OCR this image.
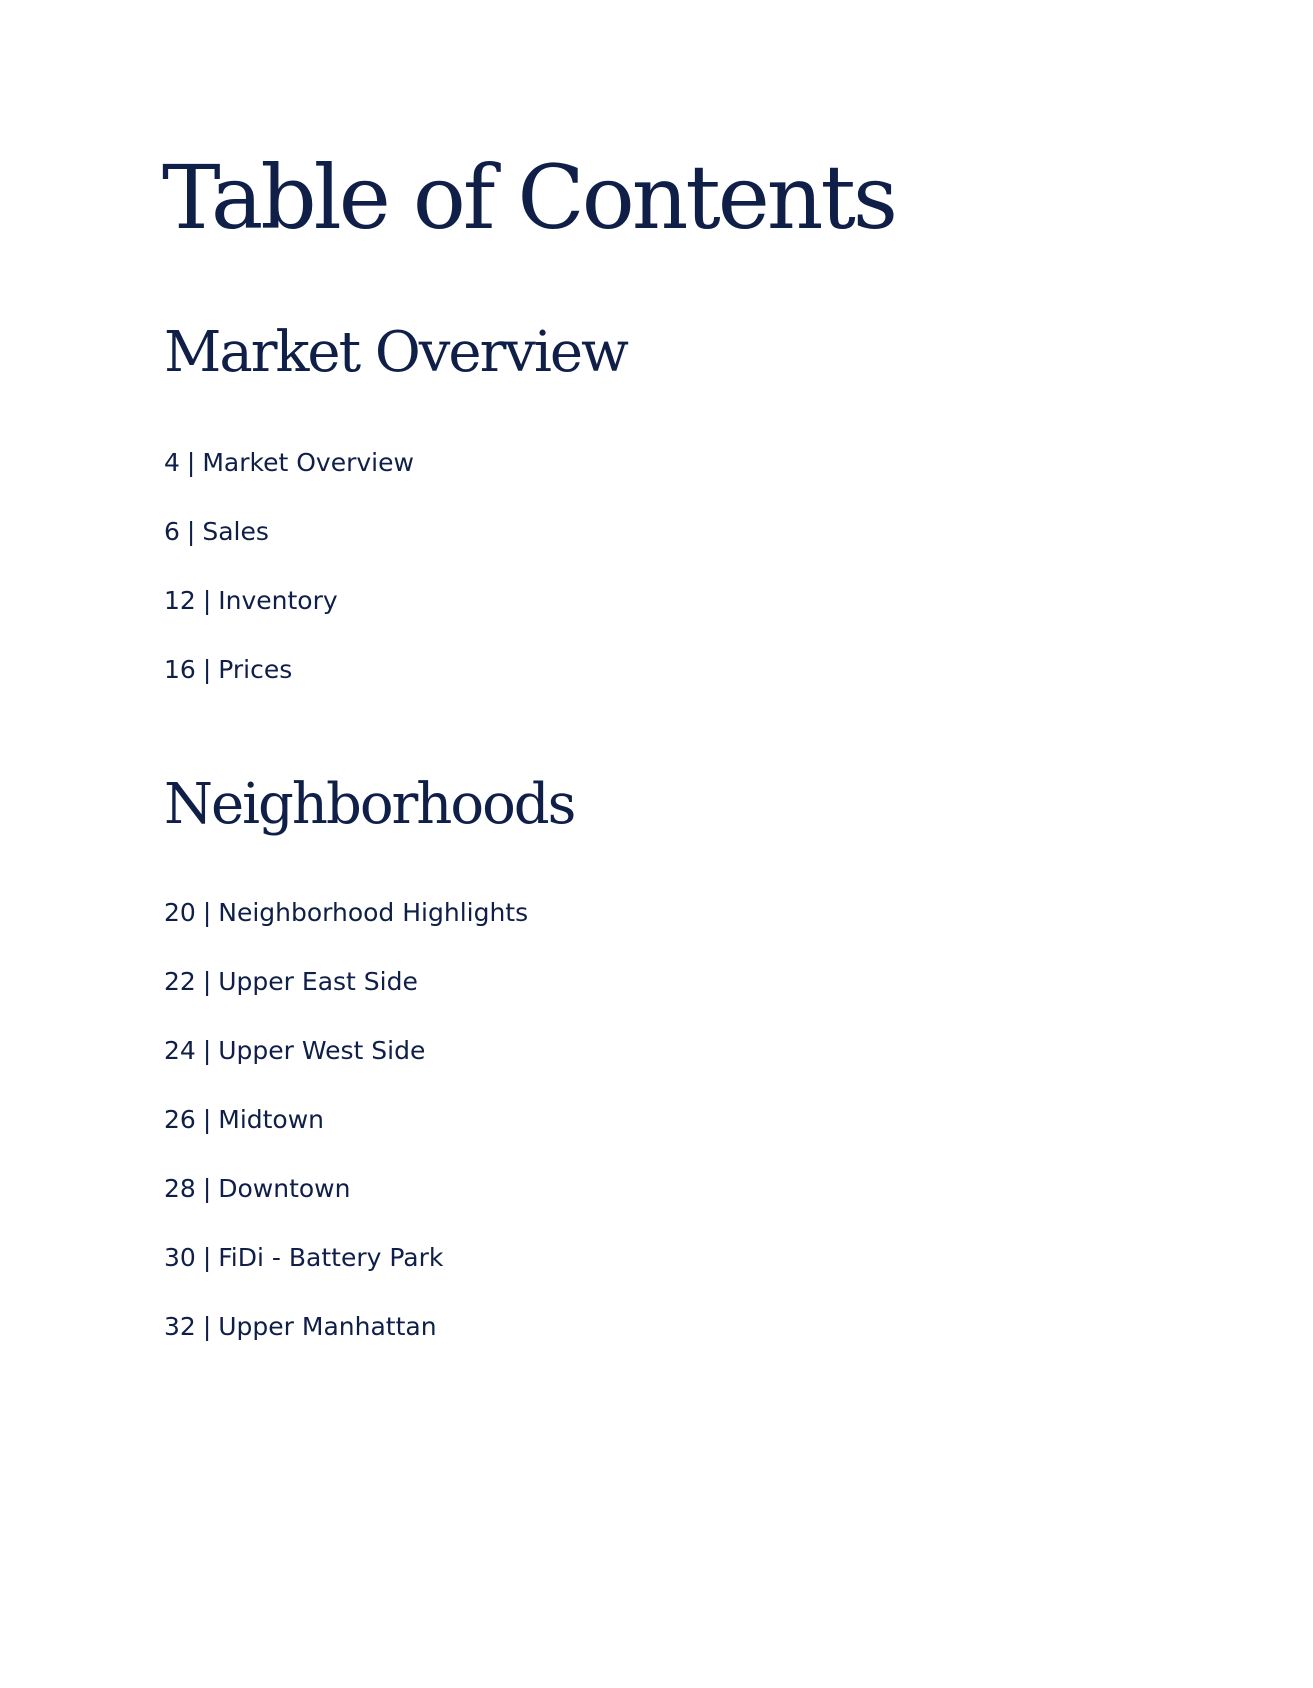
Table of Contents
Market Overview
4 | Market Overview
6 | Sales
12 | Inventory
16 | Prices
Neighborhoods
20 | Neighborhood Highlights
22 | Upper East Side
24 | Upper West Side
26 | Midtown
28 | Downtown
30 | FiDi - Battery Park
32 | Upper Manhattan
